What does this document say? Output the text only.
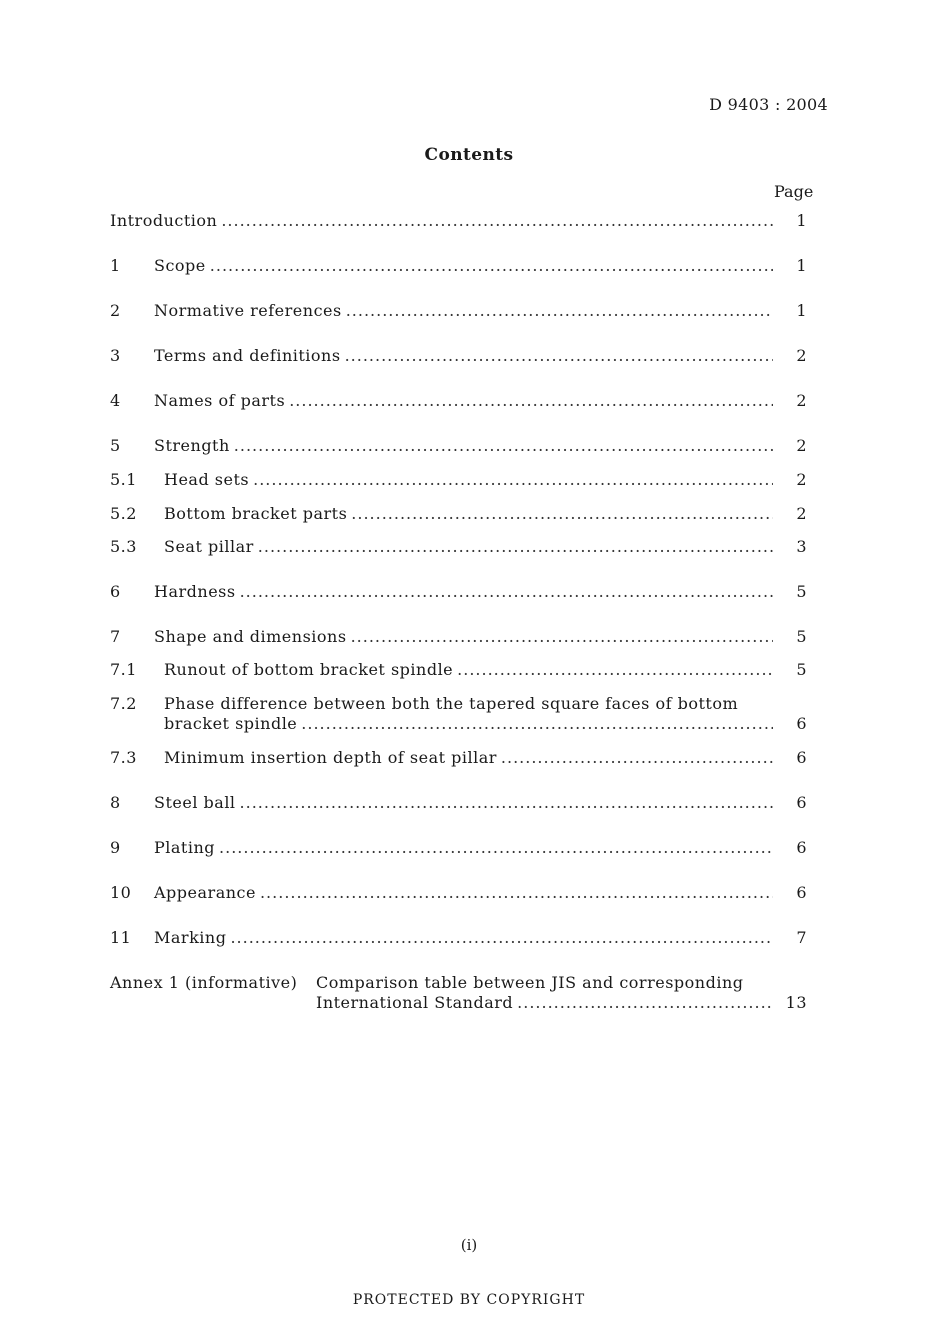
D 9403 : 2004
Contents
Page
Introduction .....	1
1 Scope .....	1
2 Normative references .....	1
3 Terms and definitions .....	2
4 Names of parts .....	2
5 Strength .....	2
5.1 Head sets .....	2
5.2 Bottom bracket parts .....	2
5.3 Seat pillar .....	3
6 Hardness .....	5
7 Shape and dimensions .....	5
7.1 Runout of bottom bracket spindle .....	5
7.2 Phase difference between both the tapered square faces of bottom
bracket spindle .....	6
7.3 Minimum insertion depth of seat pillar .....	6
8 Steel ball .....	6
9 Plating .....	6
10 Appearance .....	6
11 Marking .....	7
Annex 1 (informative) Comparison table between JIS and corresponding
International Standard .....	13
(i)
PROTECTED BY COPYRIGHT
